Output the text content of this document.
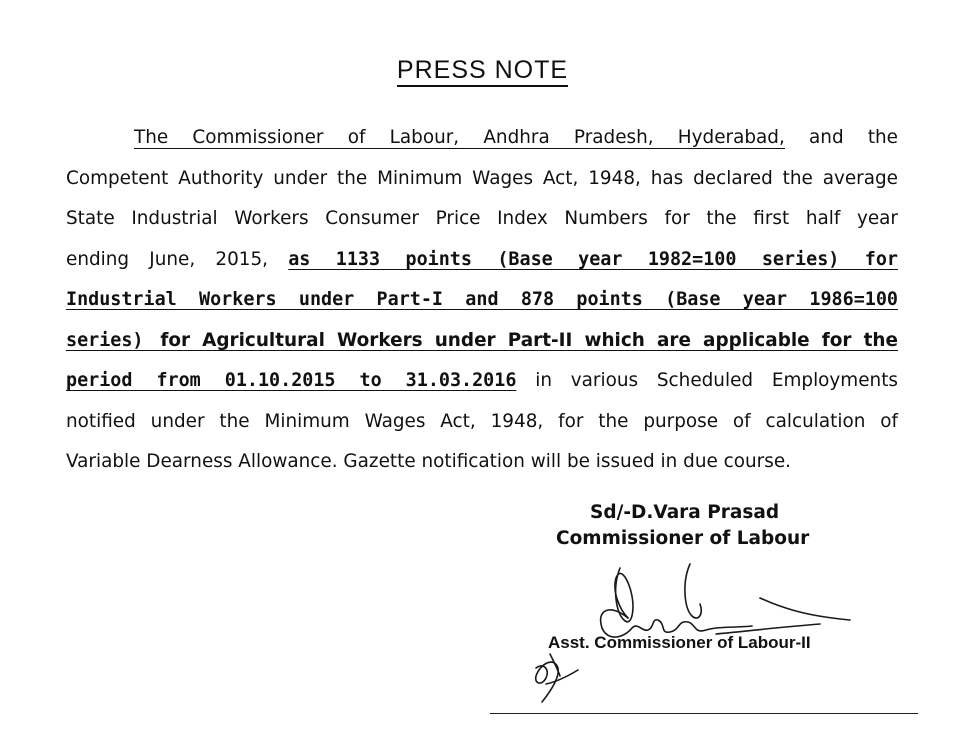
PRESS NOTE
The Commissioner of Labour, Andhra Pradesh, Hyderabad, and the
Competent Authority under the Minimum Wages Act, 1948, has declared the average
State Industrial Workers Consumer Price Index Numbers for the first half year
ending June, 2015, as 1133 points (Base year 1982=100 series) for
Industrial Workers under Part-I and 878 points (Base year 1986=100
series) for Agricultural Workers under Part-II which are applicable for the
period from 01.10.2015 to 31.03.2016 in various Scheduled Employments
notified under the Minimum Wages Act, 1948, for the purpose of calculation of
Variable Dearness Allowance. Gazette notification will be issued in due course.
Sd/-D.Vara Prasad
Commissioner of Labour
Asst. Commissioner of Labour-II
